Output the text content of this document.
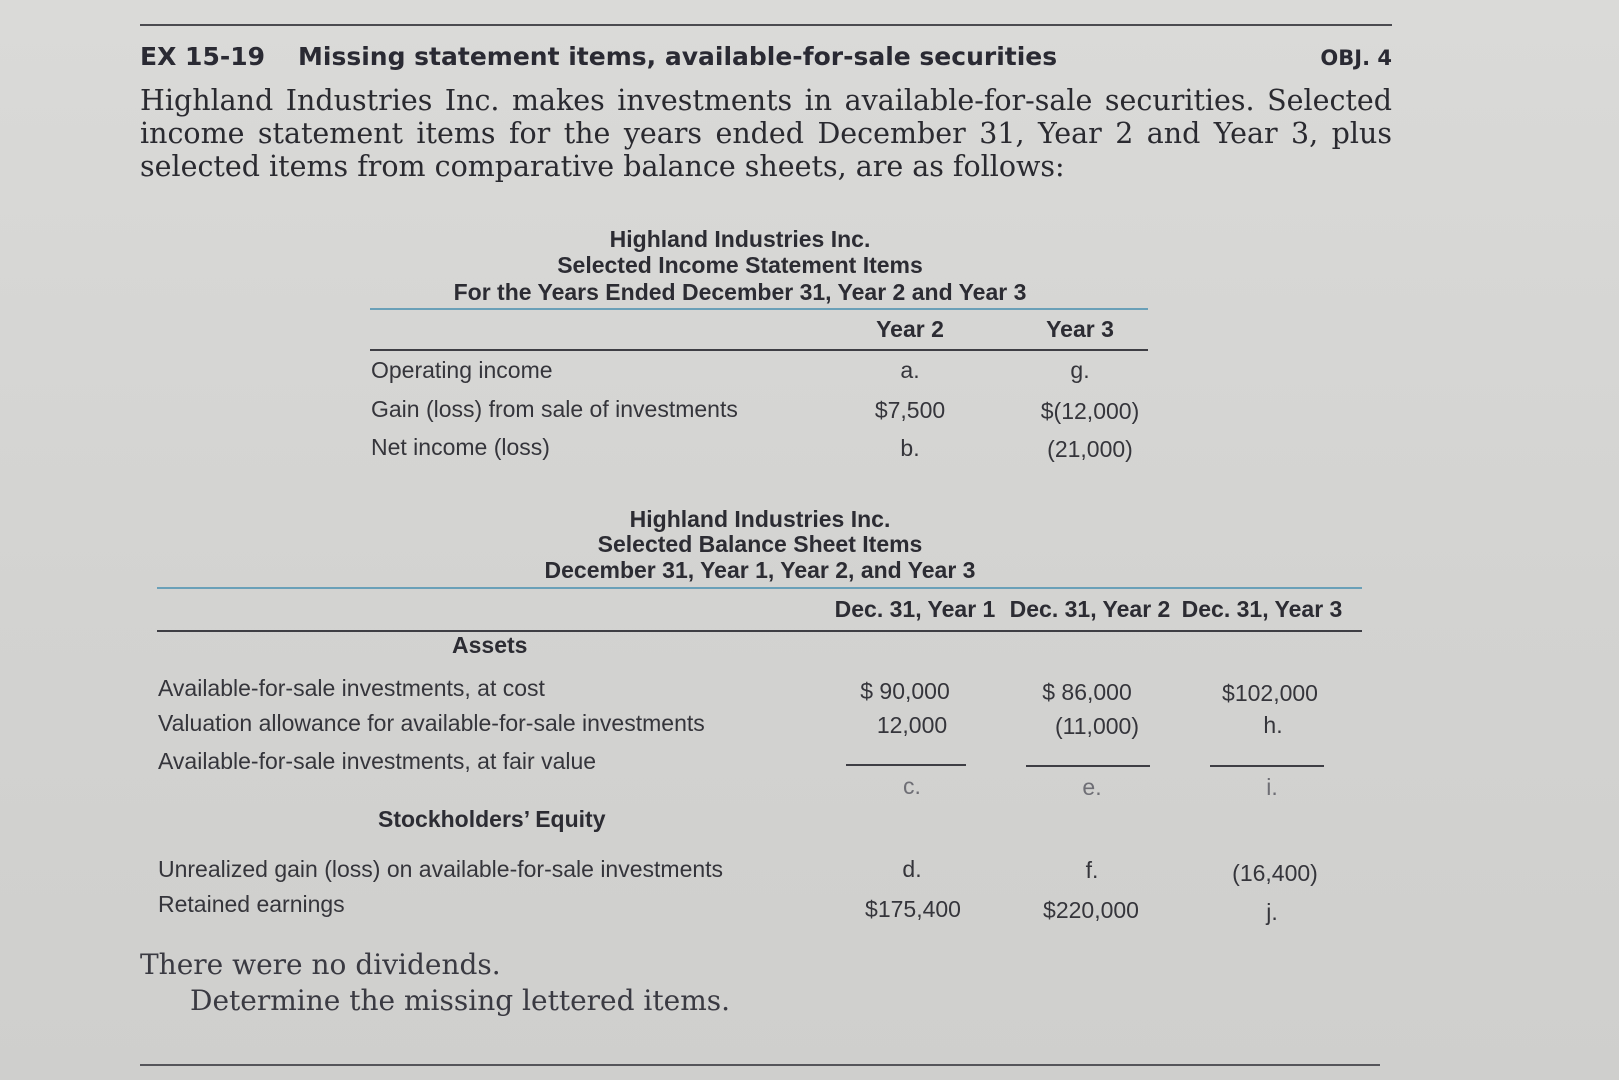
EX 15-19 Missing statement items, available-for-sale securities	OBJ. 4
Highland Industries Inc. makes investments in available-for-sale securities. Selected income statement items for the years ended December 31, Year 2 and Year 3, plus selected items from comparative balance sheets, are as follows:
Highland Industries Inc.
Selected Income Statement Items
For the Years Ended December 31, Year 2 and Year 3
Year 2	Year 3
Operating income	a.	g.
Gain (loss) from sale of investments	$7,500	$(12,000)
Net income (loss)	b.	(21,000)
Highland Industries Inc.
Selected Balance Sheet Items
December 31, Year 1, Year 2, and Year 3
Dec. 31, Year 1 Dec. 31, Year 2 Dec. 31, Year 3
Assets
Available-for-sale investments, at cost	$ 90,000	$ 86,000	$102,000
Valuation allowance for available-for-sale investments	12,000	(11,000)	h.
Available-for-sale investments, at fair value
c.	e.	i.
Stockholders’ Equity
Unrealized gain (loss) on available-for-sale investments	d.	f.	(16,400)
Retained earnings	$175,400	$220,000	j.
There were no dividends.
Determine the missing lettered items.
